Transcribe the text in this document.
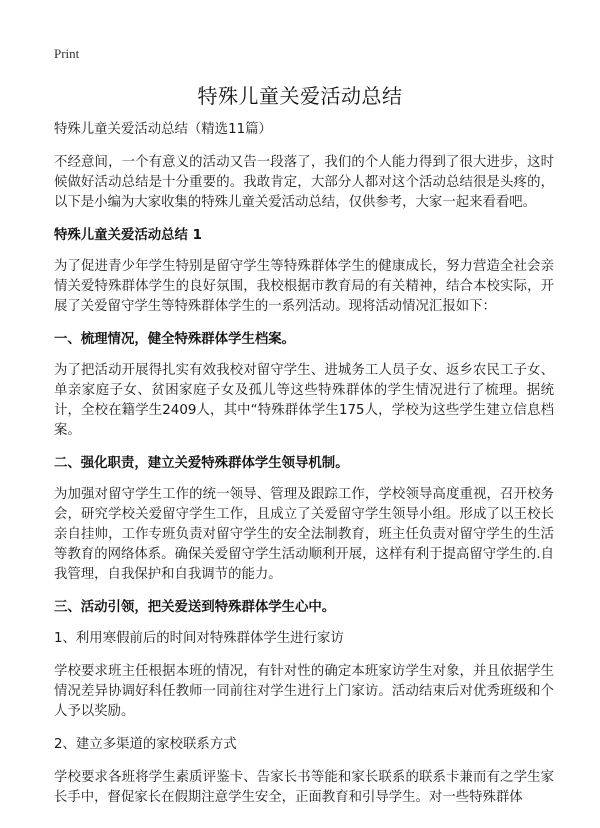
Print
特殊儿童关爱活动总结

特殊儿童关爱活动总结（精选11篇）

不经意间，一个有意义的活动又告一段落了，我们的个人能力得到了很大进步，这时候做好活动总结是十分重要的。我敢肯定，大部分人都对这个活动总结很是头疼的，以下是小编为大家收集的特殊儿童关爱活动总结，仅供参考，大家一起来看看吧。

特殊儿童关爱活动总结 1

为了促进青少年学生特别是留守学生等特殊群体学生的健康成长，努力营造全社会亲情关爱特殊群体学生的良好氛围，我校根据市教育局的有关精神，结合本校实际，开展了关爱留守学生等特殊群体学生的一系列活动。现将活动情况汇报如下：

一、梳理情况，健全特殊群体学生档案。

为了把活动开展得扎实有效我校对留守学生、进城务工人员子女、返乡农民工子女、单亲家庭子女、贫困家庭子女及孤儿等这些特殊群体的学生情况进行了梳理。据统计，全校在籍学生2409人，其中“特殊群体学生175人，学校为这些学生建立信息档案。

二、强化职责，建立关爱特殊群体学生领导机制。

为加强对留守学生工作的统一领导、管理及跟踪工作，学校领导高度重视，召开校务会，研究学校关爱留守学生工作，且成立了关爱留守学生领导小组。形成了以王校长亲自挂帅，工作专班负责对留守学生的安全法制教育，班主任负责对留守学生的生活等教育的网络体系。确保关爱留守学生活动顺利开展，这样有利于提高留守学生的.自我管理，自我保护和自我调节的能力。

三、活动引领，把关爱送到特殊群体学生心中。

1、利用寒假前后的时间对特殊群体学生进行家访

学校要求班主任根据本班的情况，有针对性的确定本班家访学生对象，并且依据学生情况差异协调好科任教师一同前往对学生进行上门家访。活动结束后对优秀班级和个人予以奖励。

2、建立多渠道的家校联系方式

学校要求各班将学生素质评鉴卡、告家长书等能和家长联系的联系卡兼而有之学生家长手中，督促家长在假期注意学生安全，正面教育和引导学生。对一些特殊群体
